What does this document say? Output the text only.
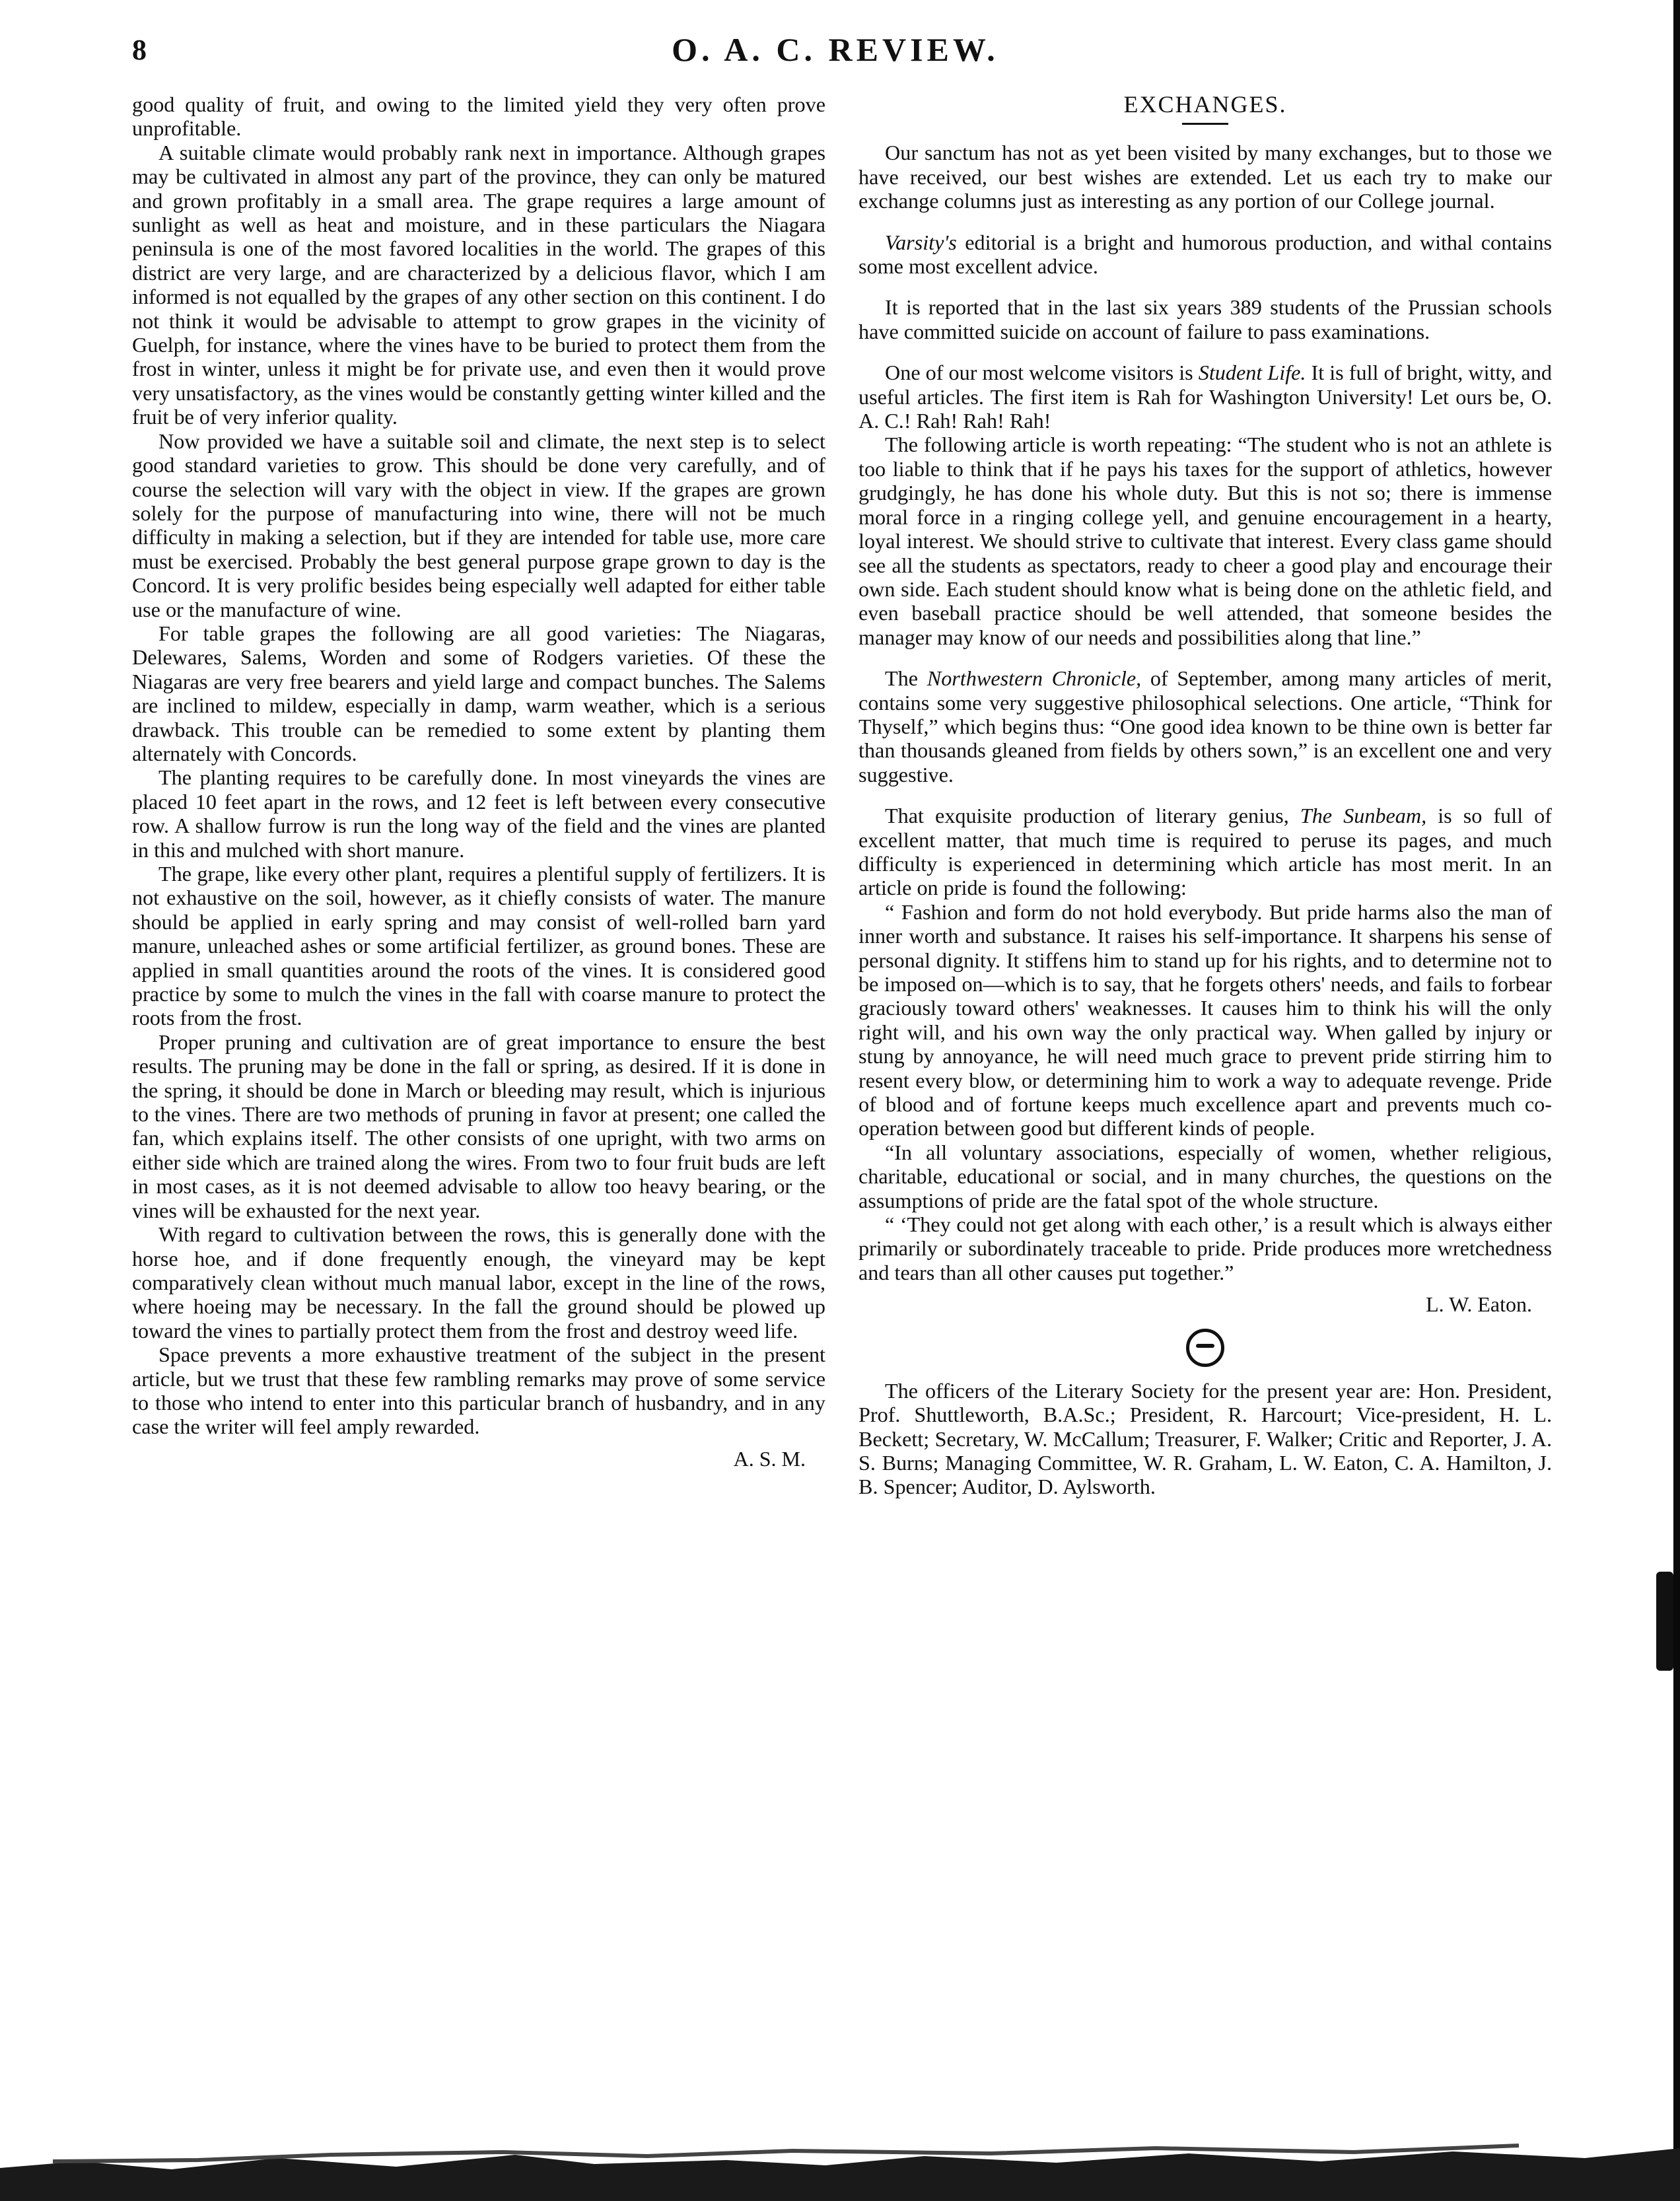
8	O. A. C. REVIEW.

good quality of fruit, and owing to the limited yield they very often prove unprofitable.

A suitable climate would probably rank next in importance. Although grapes may be cultivated in almost any part of the province, they can only be matured and grown profitably in a small area. The grape requires a large amount of sunlight as well as heat and moisture, and in these particulars the Niagara peninsula is one of the most favored localities in the world. The grapes of this district are very large, and are characterized by a delicious flavor, which I am informed is not equalled by the grapes of any other section on this continent. I do not think it would be advisable to attempt to grow grapes in the vicinity of Guelph, for instance, where the vines have to be buried to protect them from the frost in winter, unless it might be for private use, and even then it would prove very unsatisfactory, as the vines would be constantly getting winter killed and the fruit be of very inferior quality.

Now provided we have a suitable soil and climate, the next step is to select good standard varieties to grow. This should be done very carefully, and of course the selection will vary with the object in view. If the grapes are grown solely for the purpose of manufacturing into wine, there will not be much difficulty in making a selection, but if they are intended for table use, more care must be exercised. Probably the best general purpose grape grown to day is the Concord. It is very prolific besides being especially well adapted for either table use or the manufacture of wine.

For table grapes the following are all good varieties: The Niagaras, Delewares, Salems, Worden and some of Rodgers varieties. Of these the Niagaras are very free bearers and yield large and compact bunches. The Salems are inclined to mildew, especially in damp, warm weather, which is a serious drawback. This trouble can be remedied to some extent by planting them alternately with Concords.

The planting requires to be carefully done. In most vineyards the vines are placed 10 feet apart in the rows, and 12 feet is left between every consecutive row. A shallow furrow is run the long way of the field and the vines are planted in this and mulched with short manure.

The grape, like every other plant, requires a plentiful supply of fertilizers. It is not exhaustive on the soil, however, as it chiefly consists of water. The manure should be applied in early spring and may consist of well-rolled barn yard manure, unleached ashes or some artificial fertilizer, as ground bones. These are applied in small quantities around the roots of the vines. It is considered good practice by some to mulch the vines in the fall with coarse manure to protect the roots from the frost.

Proper pruning and cultivation are of great importance to ensure the best results. The pruning may be done in the fall or spring, as desired. If it is done in the spring, it should be done in March or bleeding may result, which is injurious to the vines. There are two methods of pruning in favor at present; one called the fan, which explains itself. The other consists of one upright, with two arms on either side which are trained along the wires. From two to four fruit buds are left in most cases, as it is not deemed advisable to allow too heavy bearing, or the vines will be exhausted for the next year.

With regard to cultivation between the rows, this is generally done with the horse hoe, and if done frequently enough, the vineyard may be kept comparatively clean without much manual labor, except in the line of the rows, where hoeing may be necessary. In the fall the ground should be plowed up toward the vines to partially protect them from the frost and destroy weed life.

Space prevents a more exhaustive treatment of the subject in the present article, but we trust that these few rambling remarks may prove of some service to those who intend to enter into this particular branch of husbandry, and in any case the writer will feel amply rewarded.

A. S. M.
EXCHANGES.

Our sanctum has not as yet been visited by many exchanges, but to those we have received, our best wishes are extended. Let us each try to make our exchange columns just as interesting as any portion of our College journal.

Varsity's editorial is a bright and humorous production, and withal contains some most excellent advice.

It is reported that in the last six years 389 students of the Prussian schools have committed suicide on account of failure to pass examinations.

One of our most welcome visitors is Student Life. It is full of bright, witty, and useful articles. The first item is Rah for Washington University! Let ours be, O. A. C.! Rah! Rah! Rah!

The following article is worth repeating: “The student who is not an athlete is too liable to think that if he pays his taxes for the support of athletics, however grudgingly, he has done his whole duty. But this is not so; there is immense moral force in a ringing college yell, and genuine encouragement in a hearty, loyal interest. We should strive to cultivate that interest. Every class game should see all the students as spectators, ready to cheer a good play and encourage their own side. Each student should know what is being done on the athletic field, and even baseball practice should be well attended, that someone besides the manager may know of our needs and possibilities along that line.”

The Northwestern Chronicle, of September, among many articles of merit, contains some very suggestive philosophical selections. One article, “Think for Thyself,” which begins thus: “One good idea known to be thine own is better far than thousands gleaned from fields by others sown,” is an excellent one and very suggestive.

That exquisite production of literary genius, The Sunbeam, is so full of excellent matter, that much time is required to peruse its pages, and much difficulty is experienced in determining which article has most merit. In an article on pride is found the following:

“ Fashion and form do not hold everybody. But pride harms also the man of inner worth and substance. It raises his self-importance. It sharpens his sense of personal dignity. It stiffens him to stand up for his rights, and to determine not to be imposed on—which is to say, that he forgets others' needs, and fails to forbear graciously toward others' weaknesses. It causes him to think his will the only right will, and his own way the only practical way. When galled by injury or stung by annoyance, he will need much grace to prevent pride stirring him to resent every blow, or determining him to work a way to adequate revenge. Pride of blood and of fortune keeps much excellence apart and prevents much co-operation between good but different kinds of people.

“In all voluntary associations, especially of women, whether religious, charitable, educational or social, and in many churches, the questions on the assumptions of pride are the fatal spot of the whole structure.

“ ‘They could not get along with each other,’ is a result which is always either primarily or subordinately traceable to pride. Pride produces more wretchedness and tears than all other causes put together.”

L. W. Eaton.

The officers of the Literary Society for the present year are: Hon. President, Prof. Shuttleworth, B.A.Sc.; President, R. Harcourt; Vice-president, H. L. Beckett; Secretary, W. McCallum; Treasurer, F. Walker; Critic and Reporter, J. A. S. Burns; Managing Committee, W. R. Graham, L. W. Eaton, C. A. Hamilton, J. B. Spencer; Auditor, D. Aylsworth.
